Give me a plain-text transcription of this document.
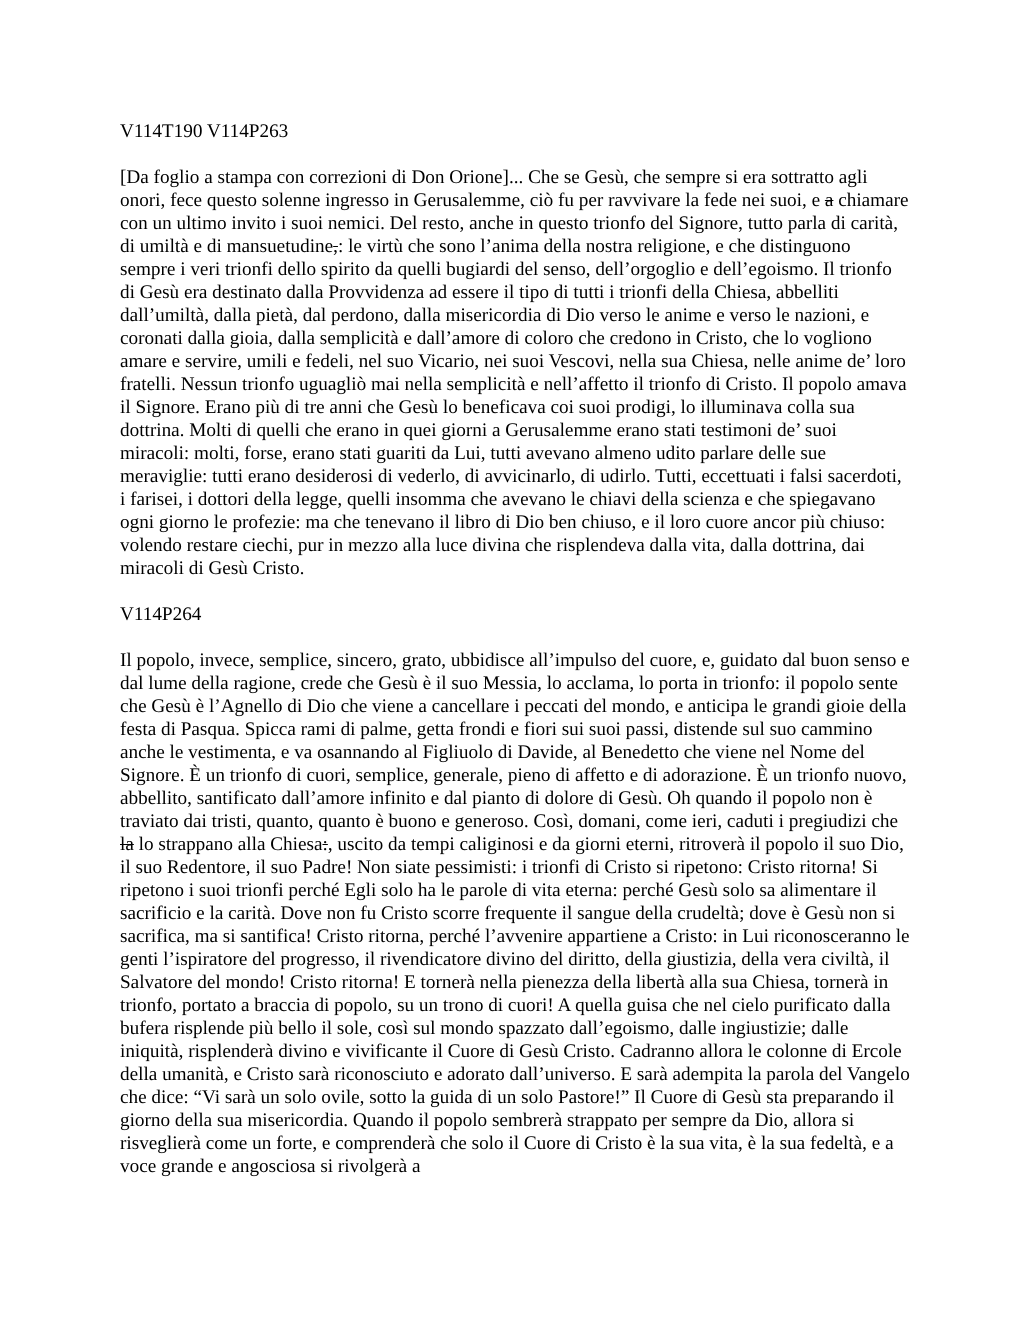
V114T190 V114P263

[Da foglio a stampa con correzioni di Don Orione]... Che se Gesù, che sempre si era sottratto agli onori, fece questo solenne ingresso in Gerusalemme, ciò fu per ravvivare la fede nei suoi, e a chiamare con un ultimo invito i suoi nemici. Del resto, anche in questo trionfo del Signore, tutto parla di carità, di umiltà e di mansuetudine,: le virtù che sono l’anima della nostra religione, e che distinguono sempre i veri trionfi dello spirito da quelli bugiardi del senso, dell’orgoglio e dell’egoismo. Il trionfo di Gesù era destinato dalla Provvidenza ad essere il tipo di tutti i trionfi della Chiesa, abbelliti dall’umiltà, dalla pietà, dal perdono, dalla misericordia di Dio verso le anime e verso le nazioni, e coronati dalla gioia, dalla semplicità e dall’amore di coloro che credono in Cristo, che lo vogliono amare e servire, umili e fedeli, nel suo Vicario, nei suoi Vescovi, nella sua Chiesa, nelle anime de’ loro fratelli. Nessun trionfo uguagliò mai nella semplicità e nell’affetto il trionfo di Cristo. Il popolo amava il Signore. Erano più di tre anni che Gesù lo beneficava coi suoi prodigi, lo illuminava colla sua dottrina. Molti di quelli che erano in quei giorni a Gerusalemme erano stati testimoni de’ suoi miracoli: molti, forse, erano stati guariti da Lui, tutti avevano almeno udito parlare delle sue meraviglie: tutti erano desiderosi di vederlo, di avvicinarlo, di udirlo. Tutti, eccettuati i falsi sacerdoti, i farisei, i dottori della legge, quelli insomma che avevano le chiavi della scienza e che spiegavano ogni giorno le profezie: ma che tenevano il libro di Dio ben chiuso, e il loro cuore ancor più chiuso: volendo restare ciechi, pur in mezzo alla luce divina che risplendeva dalla vita, dalla dottrina, dai miracoli di Gesù Cristo.

V114P264

Il popolo, invece, semplice, sincero, grato, ubbidisce all’impulso del cuore, e, guidato dal buon senso e dal lume della ragione, crede che Gesù è il suo Messia, lo acclama, lo porta in trionfo: il popolo sente che Gesù è l’Agnello di Dio che viene a cancellare i peccati del mondo, e anticipa le grandi gioie della festa di Pasqua. Spicca rami di palme, getta frondi e fiori sui suoi passi, distende sul suo cammino anche le vestimenta, e va osannando al Figliuolo di Davide, al Benedetto che viene nel Nome del Signore. È un trionfo di cuori, semplice, generale, pieno di affetto e di adorazione. È un trionfo nuovo, abbellito, santificato dall’amore infinito e dal pianto di dolore di Gesù. Oh quando il popolo non è traviato dai tristi, quanto, quanto è buono e generoso. Così, domani, come ieri, caduti i pregiudizi che la lo strappano alla Chiesa:, uscito da tempi caliginosi e da giorni eterni, ritroverà il popolo il suo Dio, il suo Redentore, il suo Padre! Non siate pessimisti: i trionfi di Cristo si ripetono: Cristo ritorna! Si ripetono i suoi trionfi perché Egli solo ha le parole di vita eterna: perché Gesù solo sa alimentare il sacrificio e la carità. Dove non fu Cristo scorre frequente il sangue della crudeltà; dove è Gesù non si sacrifica, ma si santifica! Cristo ritorna, perché l’avvenire appartiene a Cristo: in Lui riconosceranno le genti l’ispiratore del progresso, il rivendicatore divino del diritto, della giustizia, della vera civiltà, il Salvatore del mondo! Cristo ritorna! E tornerà nella pienezza della libertà alla sua Chiesa, tornerà in trionfo, portato a braccia di popolo, su un trono di cuori! A quella guisa che nel cielo purificato dalla bufera risplende più bello il sole, così sul mondo spazzato dall’egoismo, dalle ingiustizie; dalle iniquità, risplenderà divino e vivificante il Cuore di Gesù Cristo. Cadranno allora le colonne di Ercole della umanità, e Cristo sarà riconosciuto e adorato dall’universo. E sarà adempita la parola del Vangelo che dice: “Vi sarà un solo ovile, sotto la guida di un solo Pastore!” Il Cuore di Gesù sta preparando il giorno della sua misericordia. Quando il popolo sembrerà strappato per sempre da Dio, allora si risveglierà come un forte, e comprenderà che solo il Cuore di Cristo è la sua vita, è la sua fedeltà, e a voce grande e angosciosa si rivolgerà a
